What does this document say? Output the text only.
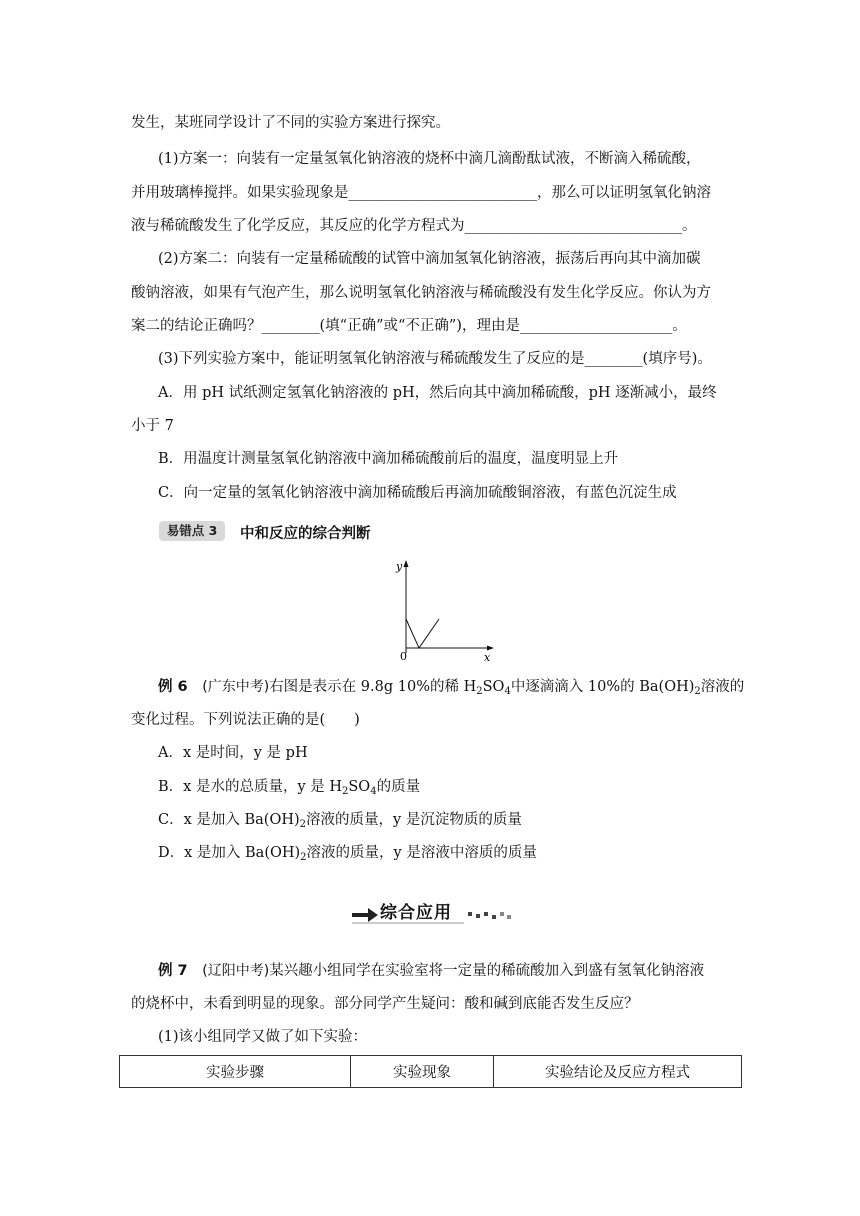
发生，某班同学设计了不同的实验方案进行探究。
(1)方案一：向装有一定量氢氧化钠溶液的烧杯中滴几滴酚酞试液，不断滴入稀硫酸，
并用玻璃棒搅拌。如果实验现象是__________________________，那么可以证明氢氧化钠溶
液与稀硫酸发生了化学反应，其反应的化学方程式为______________________________。
(2)方案二：向装有一定量稀硫酸的试管中滴加氢氧化钠溶液，振荡后再向其中滴加碳
酸钠溶液，如果有气泡产生，那么说明氢氧化钠溶液与稀硫酸没有发生化学反应。你认为方
案二的结论正确吗？________(填“正确”或“不正确”)，理由是_____________________。
(3)下列实验方案中，能证明氢氧化钠溶液与稀硫酸发生了反应的是________(填序号)。
A．用 pH 试纸测定氢氧化钠溶液的 pH，然后向其中滴加稀硫酸，pH 逐渐减小，最终
小于 7
B．用温度计测量氢氧化钠溶液中滴加稀硫酸前后的温度，温度明显上升
C．向一定量的氢氧化钠溶液中滴加稀硫酸后再滴加硫酸铜溶液，有蓝色沉淀生成
易错点 3	中和反应的综合判断
y
x
0
例 6 (广东中考)右图是表示在 9.8g 10%的稀 $H_2SO_4$中逐滴滴入 10%的 $Ba(OH)_2$溶液的
变化过程。下列说法正确的是(　　)
A．x 是时间，y 是 pH
B．x 是水的总质量，y 是 $H_2SO_4$的质量
C．x 是加入 $Ba(OH)_2$溶液的质量，y 是沉淀物质的质量
D．x 是加入 $Ba(OH)_2$溶液的质量，y 是溶液中溶质的质量
综合应用
例 7 (辽阳中考)某兴趣小组同学在实验室将一定量的稀硫酸加入到盛有氢氧化钠溶液
的烧杯中，未看到明显的现象。部分同学产生疑问：酸和碱到底能否发生反应？
(1)该小组同学又做了如下实验：
实验步骤	实验现象	实验结论及反应方程式
